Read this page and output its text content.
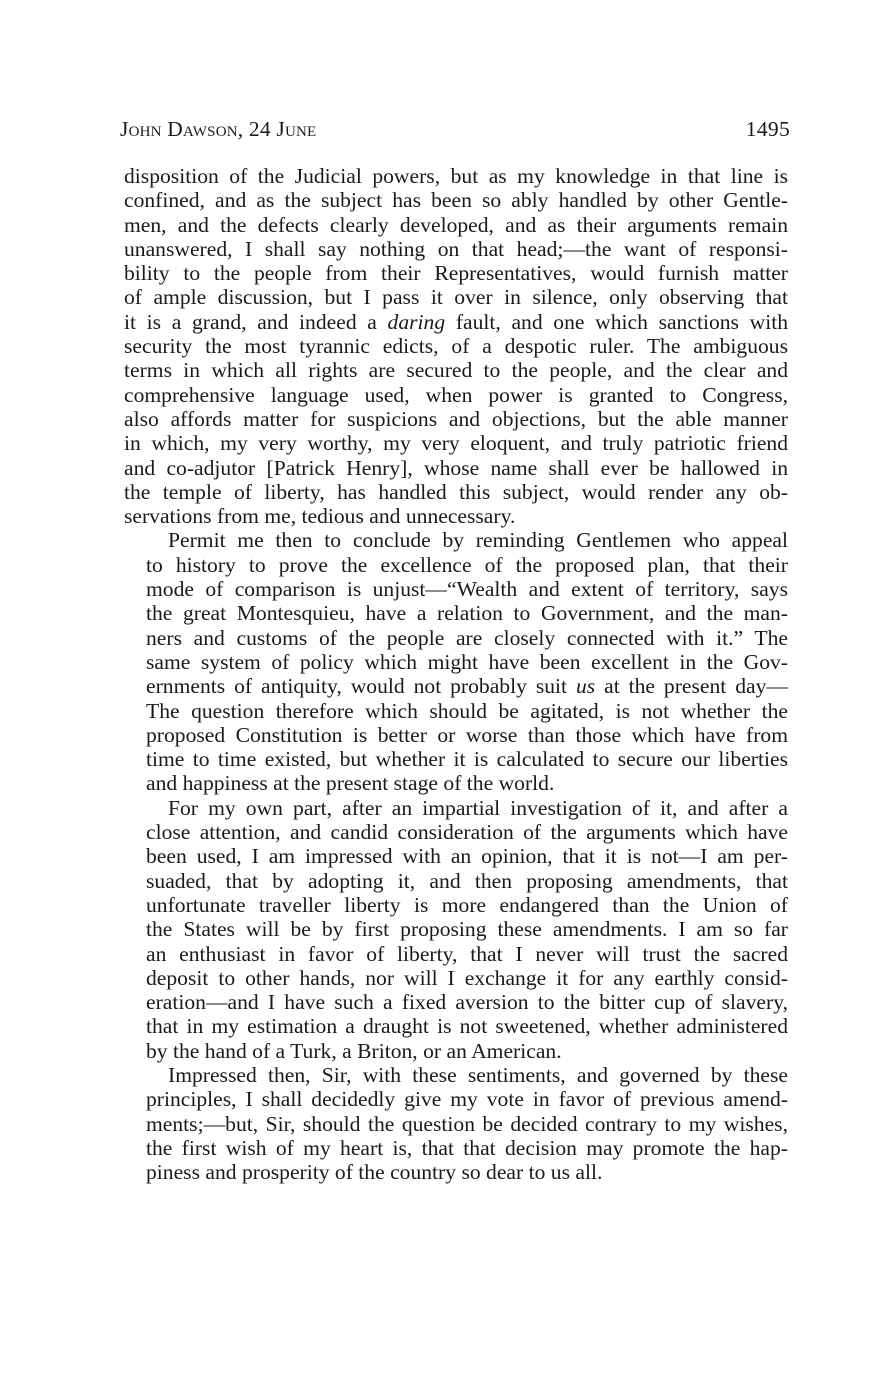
John Dawson, 24 June	1495
disposition of the Judicial powers, but as my knowledge in that line is
confined, and as the subject has been so ably handled by other Gentle-
men, and the defects clearly developed, and as their arguments remain
unanswered, I shall say nothing on that head;—the want of responsi-
bility to the people from their Representatives, would furnish matter
of ample discussion, but I pass it over in silence, only observing that
it is a grand, and indeed a daring fault, and one which sanctions with
security the most tyrannic edicts, of a despotic ruler. The ambiguous
terms in which all rights are secured to the people, and the clear and
comprehensive language used, when power is granted to Congress,
also affords matter for suspicions and objections, but the able manner
in which, my very worthy, my very eloquent, and truly patriotic friend
and co-adjutor [Patrick Henry], whose name shall ever be hallowed in
the temple of liberty, has handled this subject, would render any ob-
servations from me, tedious and unnecessary.
Permit me then to conclude by reminding Gentlemen who appeal
to history to prove the excellence of the proposed plan, that their
mode of comparison is unjust—“Wealth and extent of territory, says
the great Montesquieu, have a relation to Government, and the man-
ners and customs of the people are closely connected with it.” The
same system of policy which might have been excellent in the Gov-
ernments of antiquity, would not probably suit us at the present day—
The question therefore which should be agitated, is not whether the
proposed Constitution is better or worse than those which have from
time to time existed, but whether it is calculated to secure our liberties
and happiness at the present stage of the world.
For my own part, after an impartial investigation of it, and after a
close attention, and candid consideration of the arguments which have
been used, I am impressed with an opinion, that it is not—I am per-
suaded, that by adopting it, and then proposing amendments, that
unfortunate traveller liberty is more endangered than the Union of
the States will be by first proposing these amendments. I am so far
an enthusiast in favor of liberty, that I never will trust the sacred
deposit to other hands, nor will I exchange it for any earthly consid-
eration—and I have such a fixed aversion to the bitter cup of slavery,
that in my estimation a draught is not sweetened, whether administered
by the hand of a Turk, a Briton, or an American.
Impressed then, Sir, with these sentiments, and governed by these
principles, I shall decidedly give my vote in favor of previous amend-
ments;—but, Sir, should the question be decided contrary to my wishes,
the first wish of my heart is, that that decision may promote the hap-
piness and prosperity of the country so dear to us all.
